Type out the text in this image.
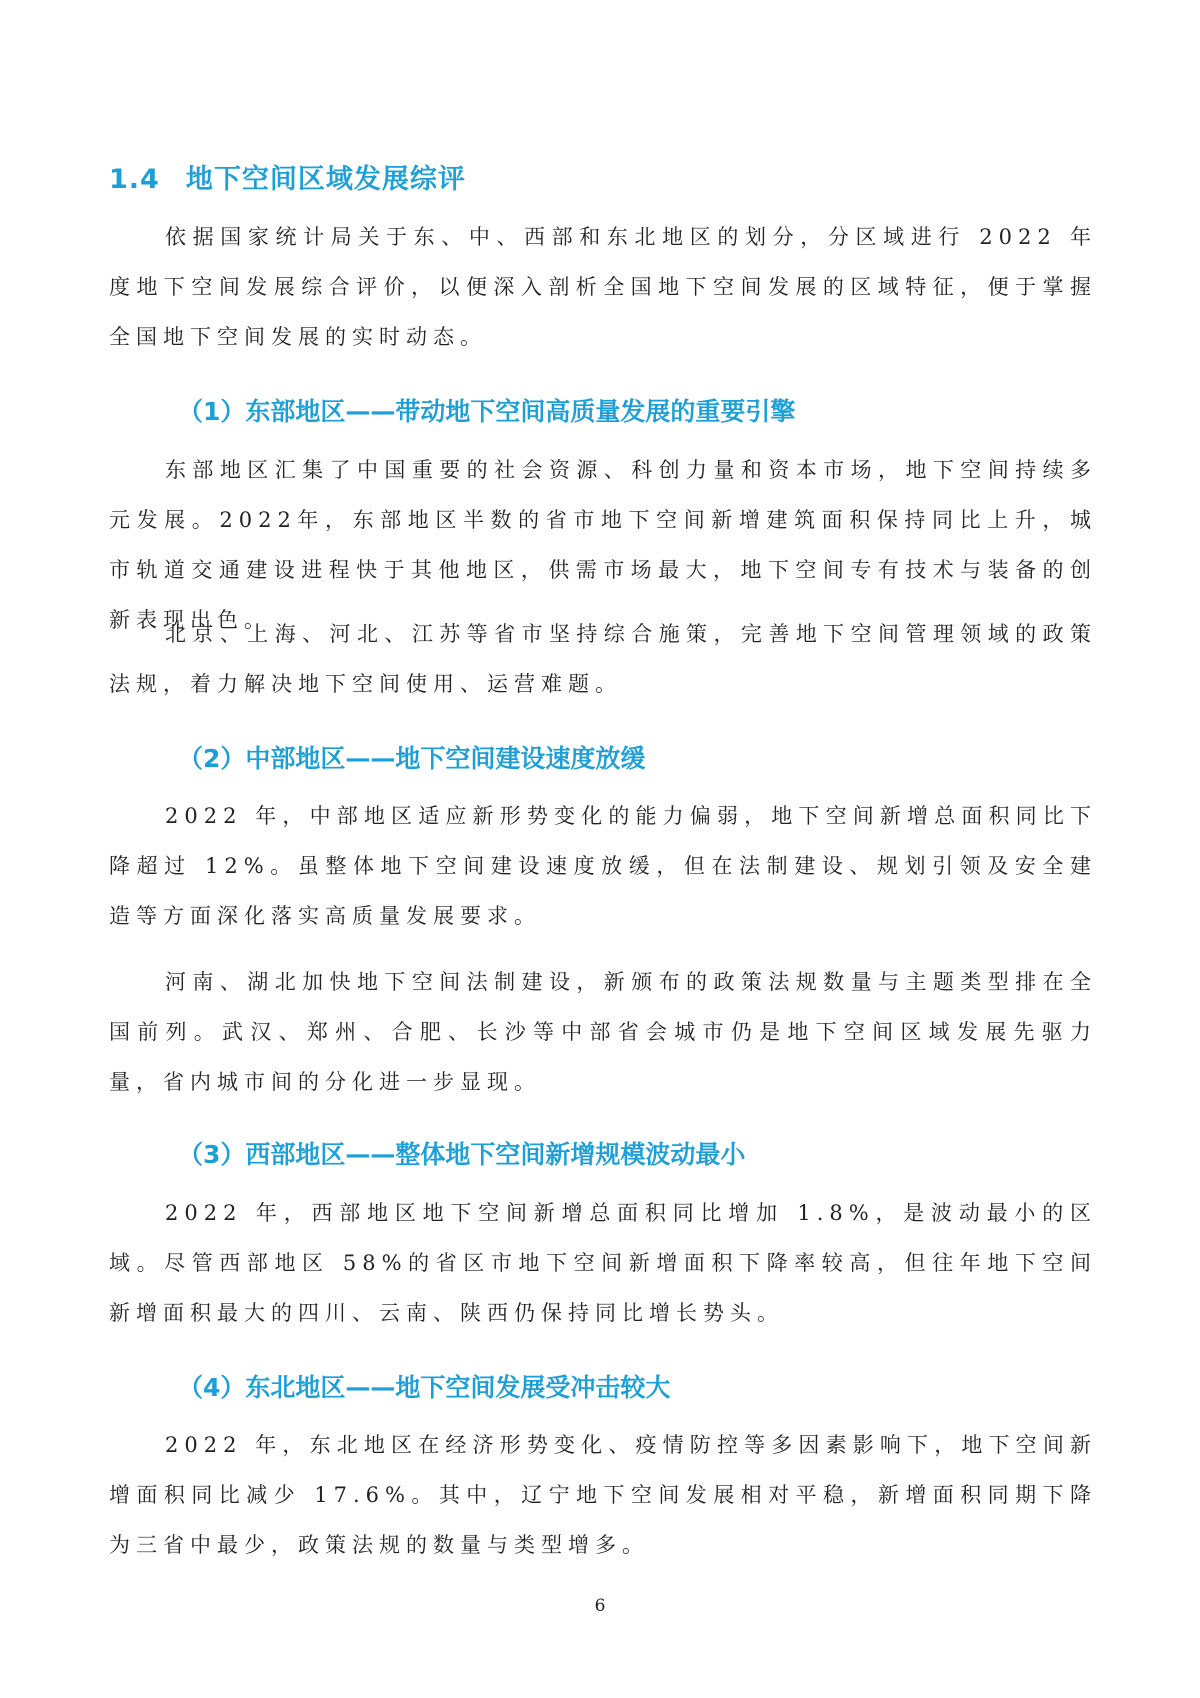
1.4 地下空间区域发展综评
依据国家统计局关于东、中、西部和东北地区的划分，分区域进行 2022 年度地下空间发展综合评价，以便深入剖析全国地下空间发展的区域特征，便于掌握全国地下空间发展的实时动态。
（1）东部地区——带动地下空间高质量发展的重要引擎
东部地区汇集了中国重要的社会资源、科创力量和资本市场，地下空间持续多元发展。2022年，东部地区半数的省市地下空间新增建筑面积保持同比上升，城市轨道交通建设进程快于其他地区，供需市场最大，地下空间专有技术与装备的创新表现出色。
北京、上海、河北、江苏等省市坚持综合施策，完善地下空间管理领域的政策法规，着力解决地下空间使用、运营难题。
（2）中部地区——地下空间建设速度放缓
2022 年，中部地区适应新形势变化的能力偏弱，地下空间新增总面积同比下降超过 12%。虽整体地下空间建设速度放缓，但在法制建设、规划引领及安全建造等方面深化落实高质量发展要求。
河南、湖北加快地下空间法制建设，新颁布的政策法规数量与主题类型排在全国前列。武汉、郑州、合肥、长沙等中部省会城市仍是地下空间区域发展先驱力量，省内城市间的分化进一步显现。
（3）西部地区——整体地下空间新增规模波动最小
2022 年，西部地区地下空间新增总面积同比增加 1.8%，是波动最小的区域。尽管西部地区 58%的省区市地下空间新增面积下降率较高，但往年地下空间新增面积最大的四川、云南、陕西仍保持同比增长势头。
（4）东北地区——地下空间发展受冲击较大
2022 年，东北地区在经济形势变化、疫情防控等多因素影响下，地下空间新增面积同比减少 17.6%。其中，辽宁地下空间发展相对平稳，新增面积同期下降为三省中最少，政策法规的数量与类型增多。
6
